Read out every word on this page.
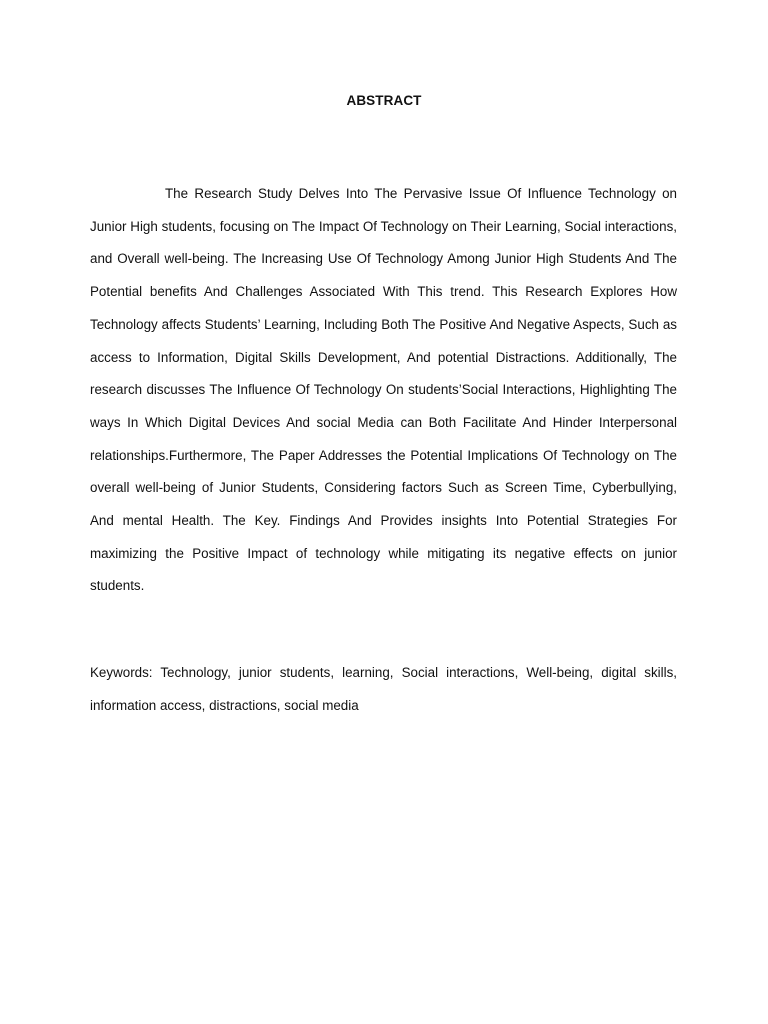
ABSTRACT

The Research Study Delves Into The Pervasive Issue Of Influence Technology on Junior High students, focusing on The Impact Of Technology on Their Learning, Social interactions, and Overall well-being. The Increasing Use Of Technology Among Junior High Students And The Potential benefits And Challenges Associated With This trend. This Research Explores How Technology affects Students’ Learning, Including Both The Positive And Negative Aspects, Such as access to Information, Digital Skills Development, And potential Distractions. Additionally, The research discusses The Influence Of Technology On students’Social Interactions, Highlighting The ways In Which Digital Devices And social Media can Both Facilitate And Hinder Interpersonal relationships.Furthermore, The Paper Addresses the Potential Implications Of Technology on The overall well-being of Junior Students, Considering factors Such as Screen Time, Cyberbullying, And mental Health. The Key. Findings And Provides insights Into Potential Strategies For maximizing the Positive Impact of technology while mitigating its negative effects on junior students.

Keywords: Technology, junior students, learning, Social interactions, Well-being, digital skills, information access, distractions, social media
